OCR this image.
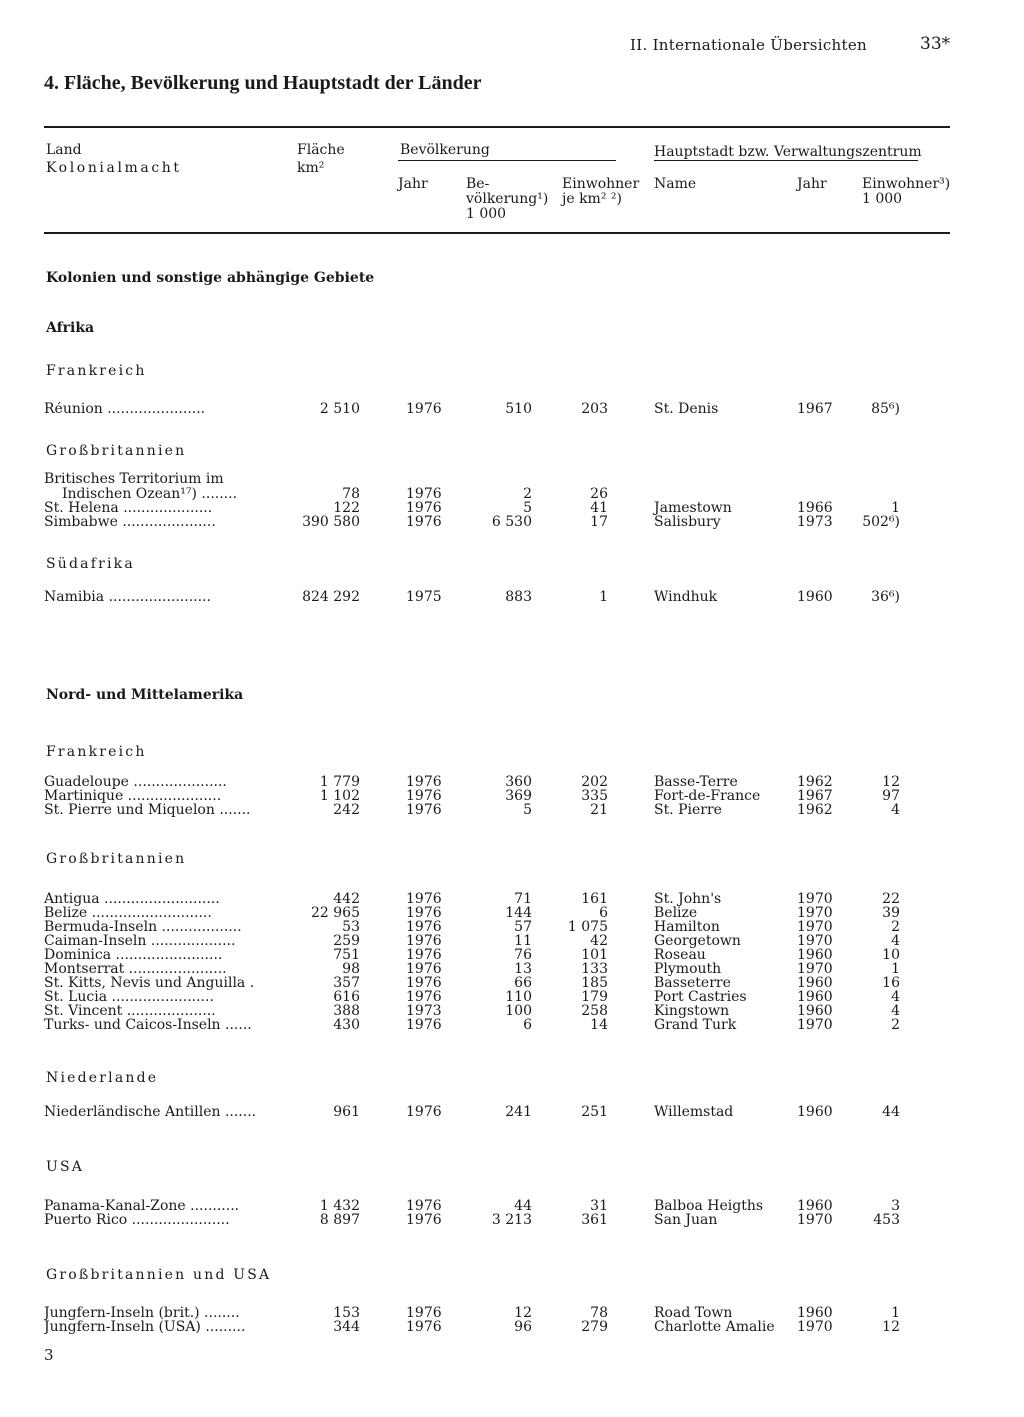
II. Internationale Übersichten	33*
4. Fläche, Bevölkerung und Hauptstadt der Länder
Land
Kolonialmacht
Fläche
km²
Bevölkerung
Jahr	Be-
völkerung¹)
1 000
Einwohner
je km² ²)
Hauptstadt bzw. Verwaltungszentrum
Name	Jahr	Einwohner³)
1 000
Kolonien und sonstige abhängige Gebiete
Afrika
Frankreich
Réunion ......................	2 510	1976	510	203	St. Denis	1967	85⁶)
Großbritannien
Britisches Territorium im
Indischen Ozean¹⁷) ........	78	1976	2	26
St. Helena ....................	122	1976	5	41	Jamestown	1966	1
Simbabwe .....................	390 580	1976	6 530	17	Salisbury	1973 502⁶)
Südafrika
Namibia .......................	824 292	1975	883	1	Windhuk	1960	36⁶)
Nord- und Mittelamerika
Frankreich
Guadeloupe .....................	1 779	1976	360	202	Basse-Terre	1962	12
Martinique .....................	1 102	1976	369	335	Fort-de-France	1967	97
St. Pierre und Miquelon .......	242	1976	5	21	St. Pierre	1962	4
Großbritannien
Antigua ..........................	442	1976	71	161	St. John's	1970	22
Belize ...........................	22 965	1976	144	6	Belize	1970	39
Bermuda-Inseln ..................	53	1976	57	1 075	Hamilton	1970	2
Caiman-Inseln ...................	259	1976	11	42	Georgetown	1970	4
Dominica ........................	751	1976	76	101	Roseau	1960	10
Montserrat ......................	98	1976	13	133	Plymouth	1970	1
St. Kitts, Nevis und Anguilla .	357	1976	66	185	Basseterre	1960	16
St. Lucia .......................	616	1976	110	179	Port Castries	1960	4
St. Vincent ....................	388	1973	100	258	Kingstown	1960	4
Turks- und Caicos-Inseln ......	430	1976	6	14	Grand Turk	1970	2
Niederlande
Niederländische Antillen .......	961	1976	241	251	Willemstad	1960	44
USA
Panama-Kanal-Zone ...........	1 432	1976	44	31	Balboa Heigths 1960	3
Puerto Rico ......................	8 897	1976	3 213	361	San Juan	1970	453
Großbritannien und USA
Jungfern-Inseln (brit.) ........	153	1976	12	78	Road Town	1960	1
Jungfern-Inseln (USA) .........	344	1976	96	279	Charlotte Amalie 1970	12
3
